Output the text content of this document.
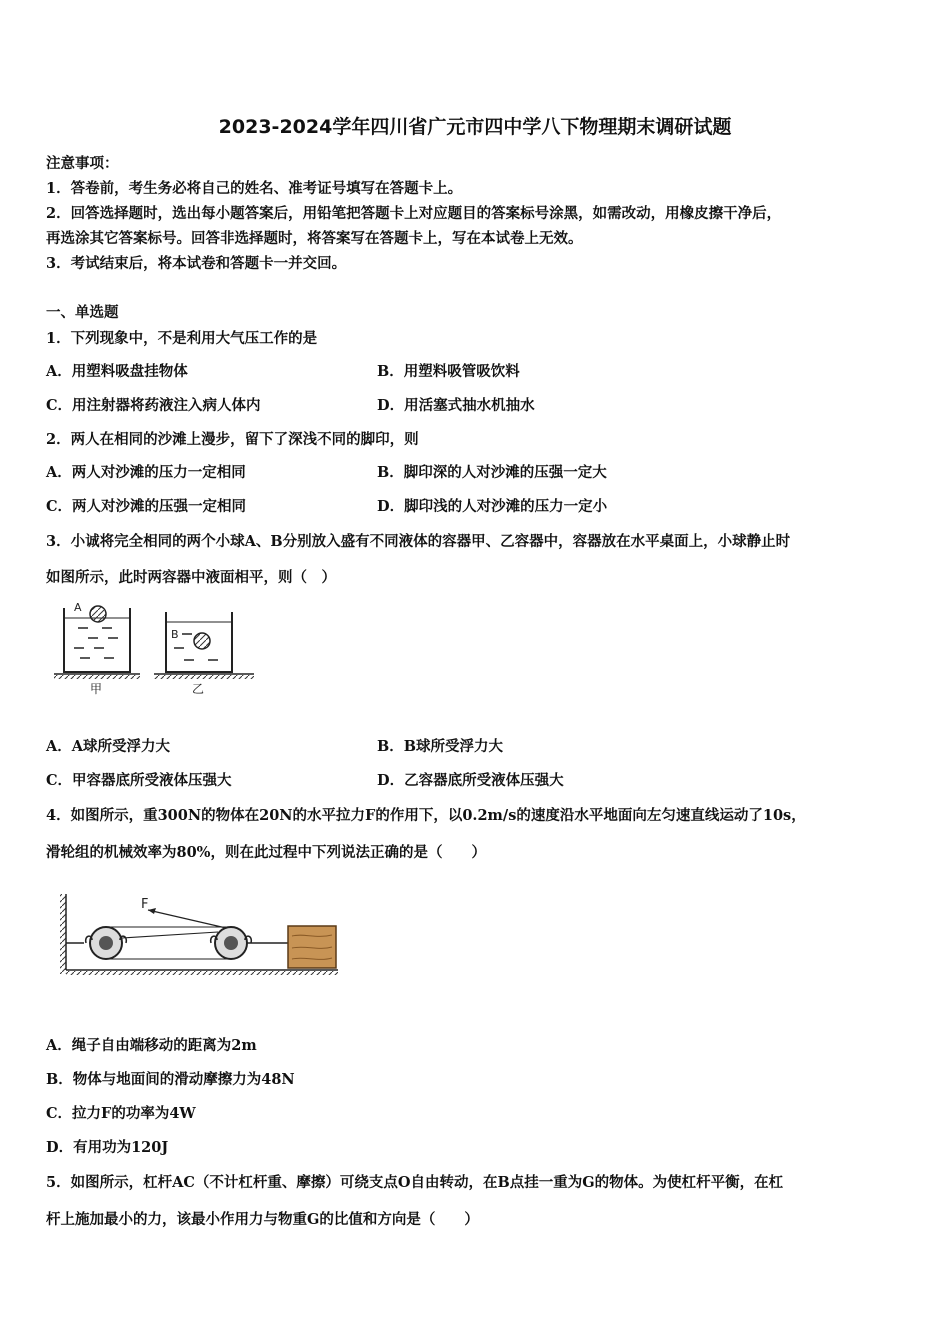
2023-2024学年四川省广元市四中学八下物理期末调研试题
注意事项：
1．答卷前，考生务必将自己的姓名、准考证号填写在答题卡上。
2．回答选择题时，选出每小题答案后，用铅笔把答题卡上对应题目的答案标号涂黑，如需改动，用橡皮擦干净后，
再选涂其它答案标号。回答非选择题时，将答案写在答题卡上，写在本试卷上无效。
3．考试结束后，将本试卷和答题卡一并交回。
一、单选题
1．下列现象中，不是利用大气压工作的是
A．用塑料吸盘挂物体	B．用塑料吸管吸饮料
C．用注射器将药液注入病人体内	D．用活塞式抽水机抽水
2．两人在相同的沙滩上漫步，留下了深浅不同的脚印，则
A．两人对沙滩的压力一定相同	B．脚印深的人对沙滩的压强一定大
C．两人对沙滩的压强一定相同	D．脚印浅的人对沙滩的压力一定小
3．小诚将完全相同的两个小球A、B分别放入盛有不同液体的容器甲、乙容器中，容器放在水平桌面上，小球静止时
如图所示，此时两容器中液面相平，则（　）
A
甲
B
乙
A．A球所受浮力大	B．B球所受浮力大
C．甲容器底所受液体压强大	D．乙容器底所受液体压强大
4．如图所示，重300N的物体在20N的水平拉力F的作用下，以0.2m/s的速度沿水平地面向左匀速直线运动了10s，
滑轮组的机械效率为80%，则在此过程中下列说法正确的是（　　）
F
A．绳子自由端移动的距离为2m
B．物体与地面间的滑动摩擦力为48N
C．拉力F的功率为4W
D．有用功为120J
5．如图所示，杠杆AC（不计杠杆重、摩擦）可绕支点O自由转动，在B点挂一重为G的物体。为使杠杆平衡，在杠
杆上施加最小的力，该最小作用力与物重G的比值和方向是（　　）
